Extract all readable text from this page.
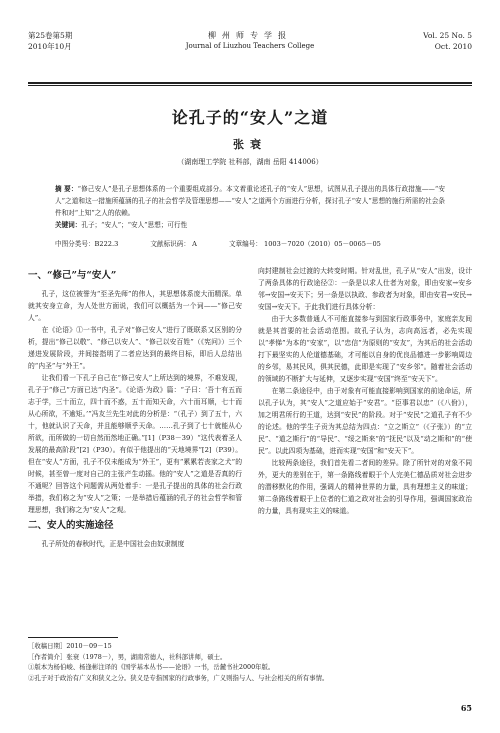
第25卷第5期
2010年10月
柳州师专学报
Journal of Liuzhou Teachers College
Vol. 25 No. 5
Oct. 2010
论孔子的“安人”之道
张衰
（湖南理工学院 社科部，湖南 岳阳 414006）
摘 要：“修己安人”是孔子思想体系的一个重要组成部分。本文着重论述孔子的“安人”思想，试图从孔子提出的具体行政措施——“安人”之道和这一措施所蕴涵的孔子的社会哲学及管理思想——“安人”之道两个方面进行分析，探讨孔子“安人”思想的施行所需的社会条件和对“上知”之人的依赖。
关键词：孔子；“安人”；“安人”思想；可行性
中图分类号：B222.3	文献标识码： A	文章编号： 1003－7020（2010）05－0065－05
一、“修己”与“安人”

孔子，这位被誉为“至圣先师”的伟人，其思想体系庞大而精深。单就其安身立命，为人处世方面说，我们可以概括为一个词——“修己安人”。

在《论语》①一书中，孔子对“修己安人”进行了既联系又区别的分析，提出“修己以敬”、“修己以安人”、“修己以安百姓”（《宪问》）三个递进发展阶段，并间接指明了二者应达到的最终目标，即后人总结出的“内圣”与“外王”。

让我们看一下孔子自己在“修己安人”上所达到的境界，不难发现，孔子于“修己”方面已达“内圣”。《论语·为政》篇：“子曰：‘吾十有五而志于学，三十而立，四十而不惑，五十而知天命，六十而耳顺，七十而从心所欲，不逾矩。’”冯友兰先生对此的分析是：“（孔子）到了五十，六十，他就认识了天命，并且能够顺乎天命。……孔子到了七十就能从心所欲，而所做的一切自然而然地正确。”[1]（P38－39）“这代表着圣人发展的最高阶段”[2]（P30）。有似于他提出的“天地境界”[2]（P39）。但在“安人”方面，孔子不仅未能成为“外王”，更有“累累若丧家之犬”的时候，甚至曾一度对自己的主张产生动摇。他的“安人”之道是否真的行不通呢？回答这个问题需从两处着手：一是孔子提出的具体的社会行政举措，我们称之为“安人”之策；一是举措后蕴涵的孔子的社会哲学和管理思想，我们称之为“安人”之观。

二、安人的实施途径

孔子所处的春秋时代，正是中国社会由奴隶制度

向封建制社会过渡的大转变时期。针对乱世，孔子从“安人”出发，设计了两条具体的行政途径②：一条是以求人仕者为对象，即由安家→安乡邻→安国→安天下；另一条是以执政、参政者为对象，即由安君→安民→安国→安天下。于此我们进行具体分析：

由于大多数普通人不可能直接参与到国家行政事务中，家庭亲友间就是其首要的社会活动范围。故孔子认为，志向高远者，必先实现以“孝悌”为本的“安家”，以“忠信”为原则的“安友”，为其后的社会活动打下最坚实的人伦道德基础，才可能以自身的优良品德进一步影响周边的乡邻，易其民风，俱其民德，此即是实现了“安乡邻”。随着社会活动的领域的不断扩大与延伸，又逐步实现“安国”终至“安天下”。

在第二条途径中，由于对象有可能直接影响到国家的前途命运，所以孔子认为，其“安人”之道应始于“安君”。“臣事君以忠”（《八佾》），加之明君所行的王道，达到“安民”的阶段。对于“安民”之道孔子有不少的论述。他的学生子贡为其总结为四点：“立之斯立”（《子张》）的“立民”、“道之斯行”的“导民”、“绥之斯来”的“抚民”以及“动之斯和”的“使民”。以此四项为基础，进而实现“安国”和“安天下”。

比较两条途径，我们首先看二者间的差异。除了所针对的对象不同外，更大的差别在于，第一条路线着眼于个人完美仁德品质对社会进步的潜移默化的作用，强调人的精神世界的力量，具有理想主义的味道；第二条路线着眼于上位者的仁道之政对社会的引导作用，强调国家政治的力量，具有现实主义的味道。

［收稿日期］2010－09－15
［作者简介］张衰（1978－），男，湖南常德人，社科部讲师，硕士。
①版本为杨伯峻、杨逢彬注译的《国学基本丛书——论语》一书，岳麓书社2000年版。
②孔子对于政治有广义和狭义之分。狭义是专指国家的行政事务，广义则指与人、与社会相关的所有事情。
65
